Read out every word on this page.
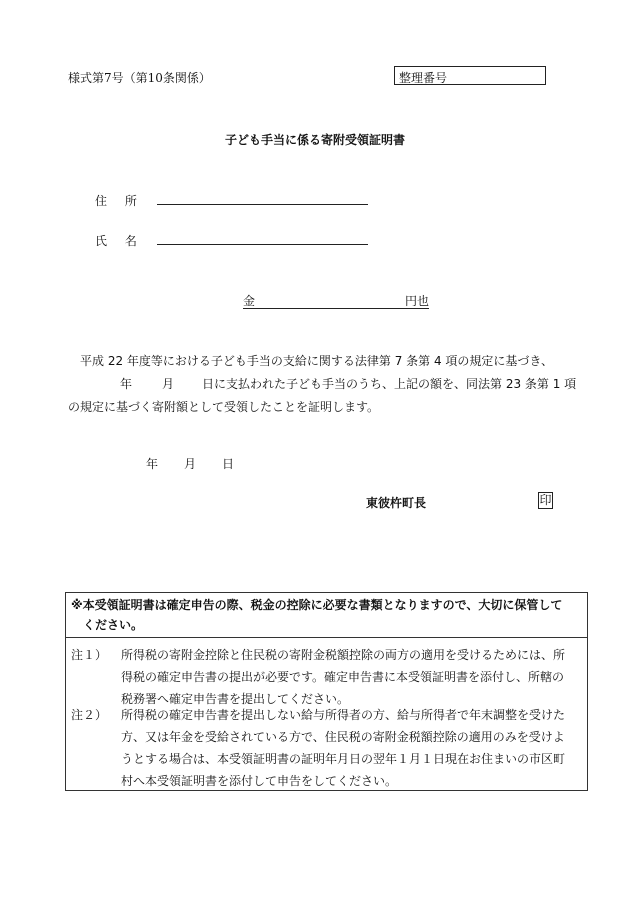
様式第7号（第10条関係）	整理番号
子ども手当に係る寄附受領証明書
住 所
氏 名
金	円也
平成 22 年度等における子ども手当の支給に関する法律第 7 条第 4 項の規定に基づき、
年 月 日に支払われた子ども手当のうち、上記の額を、同法第 23 条第 1 項
の規定に基づく寄附額として受領したことを証明します。
年 月 日
東彼杵町長	印
※本受領証明書は確定申告の際、税金の控除に必要な書類となりますので、大切に保管して
ください。
注１） 所得税の寄附金控除と住民税の寄附金税額控除の両方の適用を受けるためには、所
得税の確定申告書の提出が必要です。確定申告書に本受領証明書を添付し、所轄の
税務署へ確定申告書を提出してください。
注２） 所得税の確定申告書を提出しない給与所得者の方、給与所得者で年末調整を受けた
方、又は年金を受給されている方で、住民税の寄附金税額控除の適用のみを受けよ
うとする場合は、本受領証明書の証明年月日の翌年１月１日現在お住まいの市区町
村へ本受領証明書を添付して申告をしてください。
